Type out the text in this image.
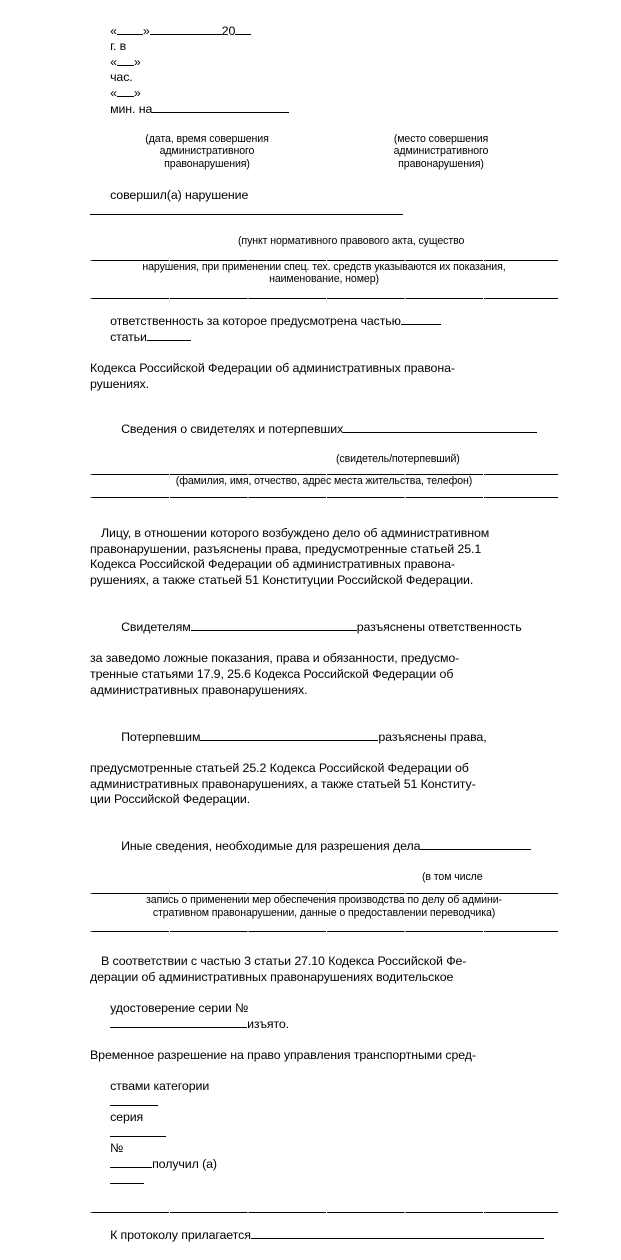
« »	20
г. в
« »
час.
« »
мин. на

(дата, время совершения
административного
правонарушения)
(место совершения
административного
правонарушения)

совершил(а) нарушение

(пункт нормативного правового акта, существо
нарушения, при применении спец. тех. средств указываются их показания,
наименование, номер)

ответственность за которое предусмотрена частью
статьи

Кодекса Российской Федерации об административных правона-
рушениях.

Сведения о свидетелях и потерпевших

(свидетель/потерпевший)
(фамилия, имя, отчество, адрес места жительства, телефон)
Лицу, в отношении которого возбуждено дело об административном
правонарушении, разъяснены права, предусмотренные статьей 25.1
Кодекса Российской Федерации об административных правона-
рушениях, а также статьей 51 Конституции Российской Федерации.

Свидетелям	разъяснены ответственность

за заведомо ложные показания, права и обязанности, предусмо-
тренные статьями 17.9, 25.6 Кодекса Российской Федерации об
административных правонарушениях.

Потерпевшим	разъяснены права,

предусмотренные статьей 25.2 Кодекса Российской Федерации об
административных правонарушениях, а также статьей 51 Конститу-
ции Российской Федерации.

Иные сведения, необходимые для разрешения дела

(в том числе
запись о применении мер обеспечения производства по делу об админи-
стративном правонарушении, данные о предоставлении переводчика)
В соответствии с частью 3 статьи 27.10 Кодекса Российской Фе-
дерации об административных правонарушениях водительское

удостоверение серии №
изъято.

Временное разрешение на право управления транспортными сред-

ствами категории

серия

№
получил (а)

К протоколу прилагается
